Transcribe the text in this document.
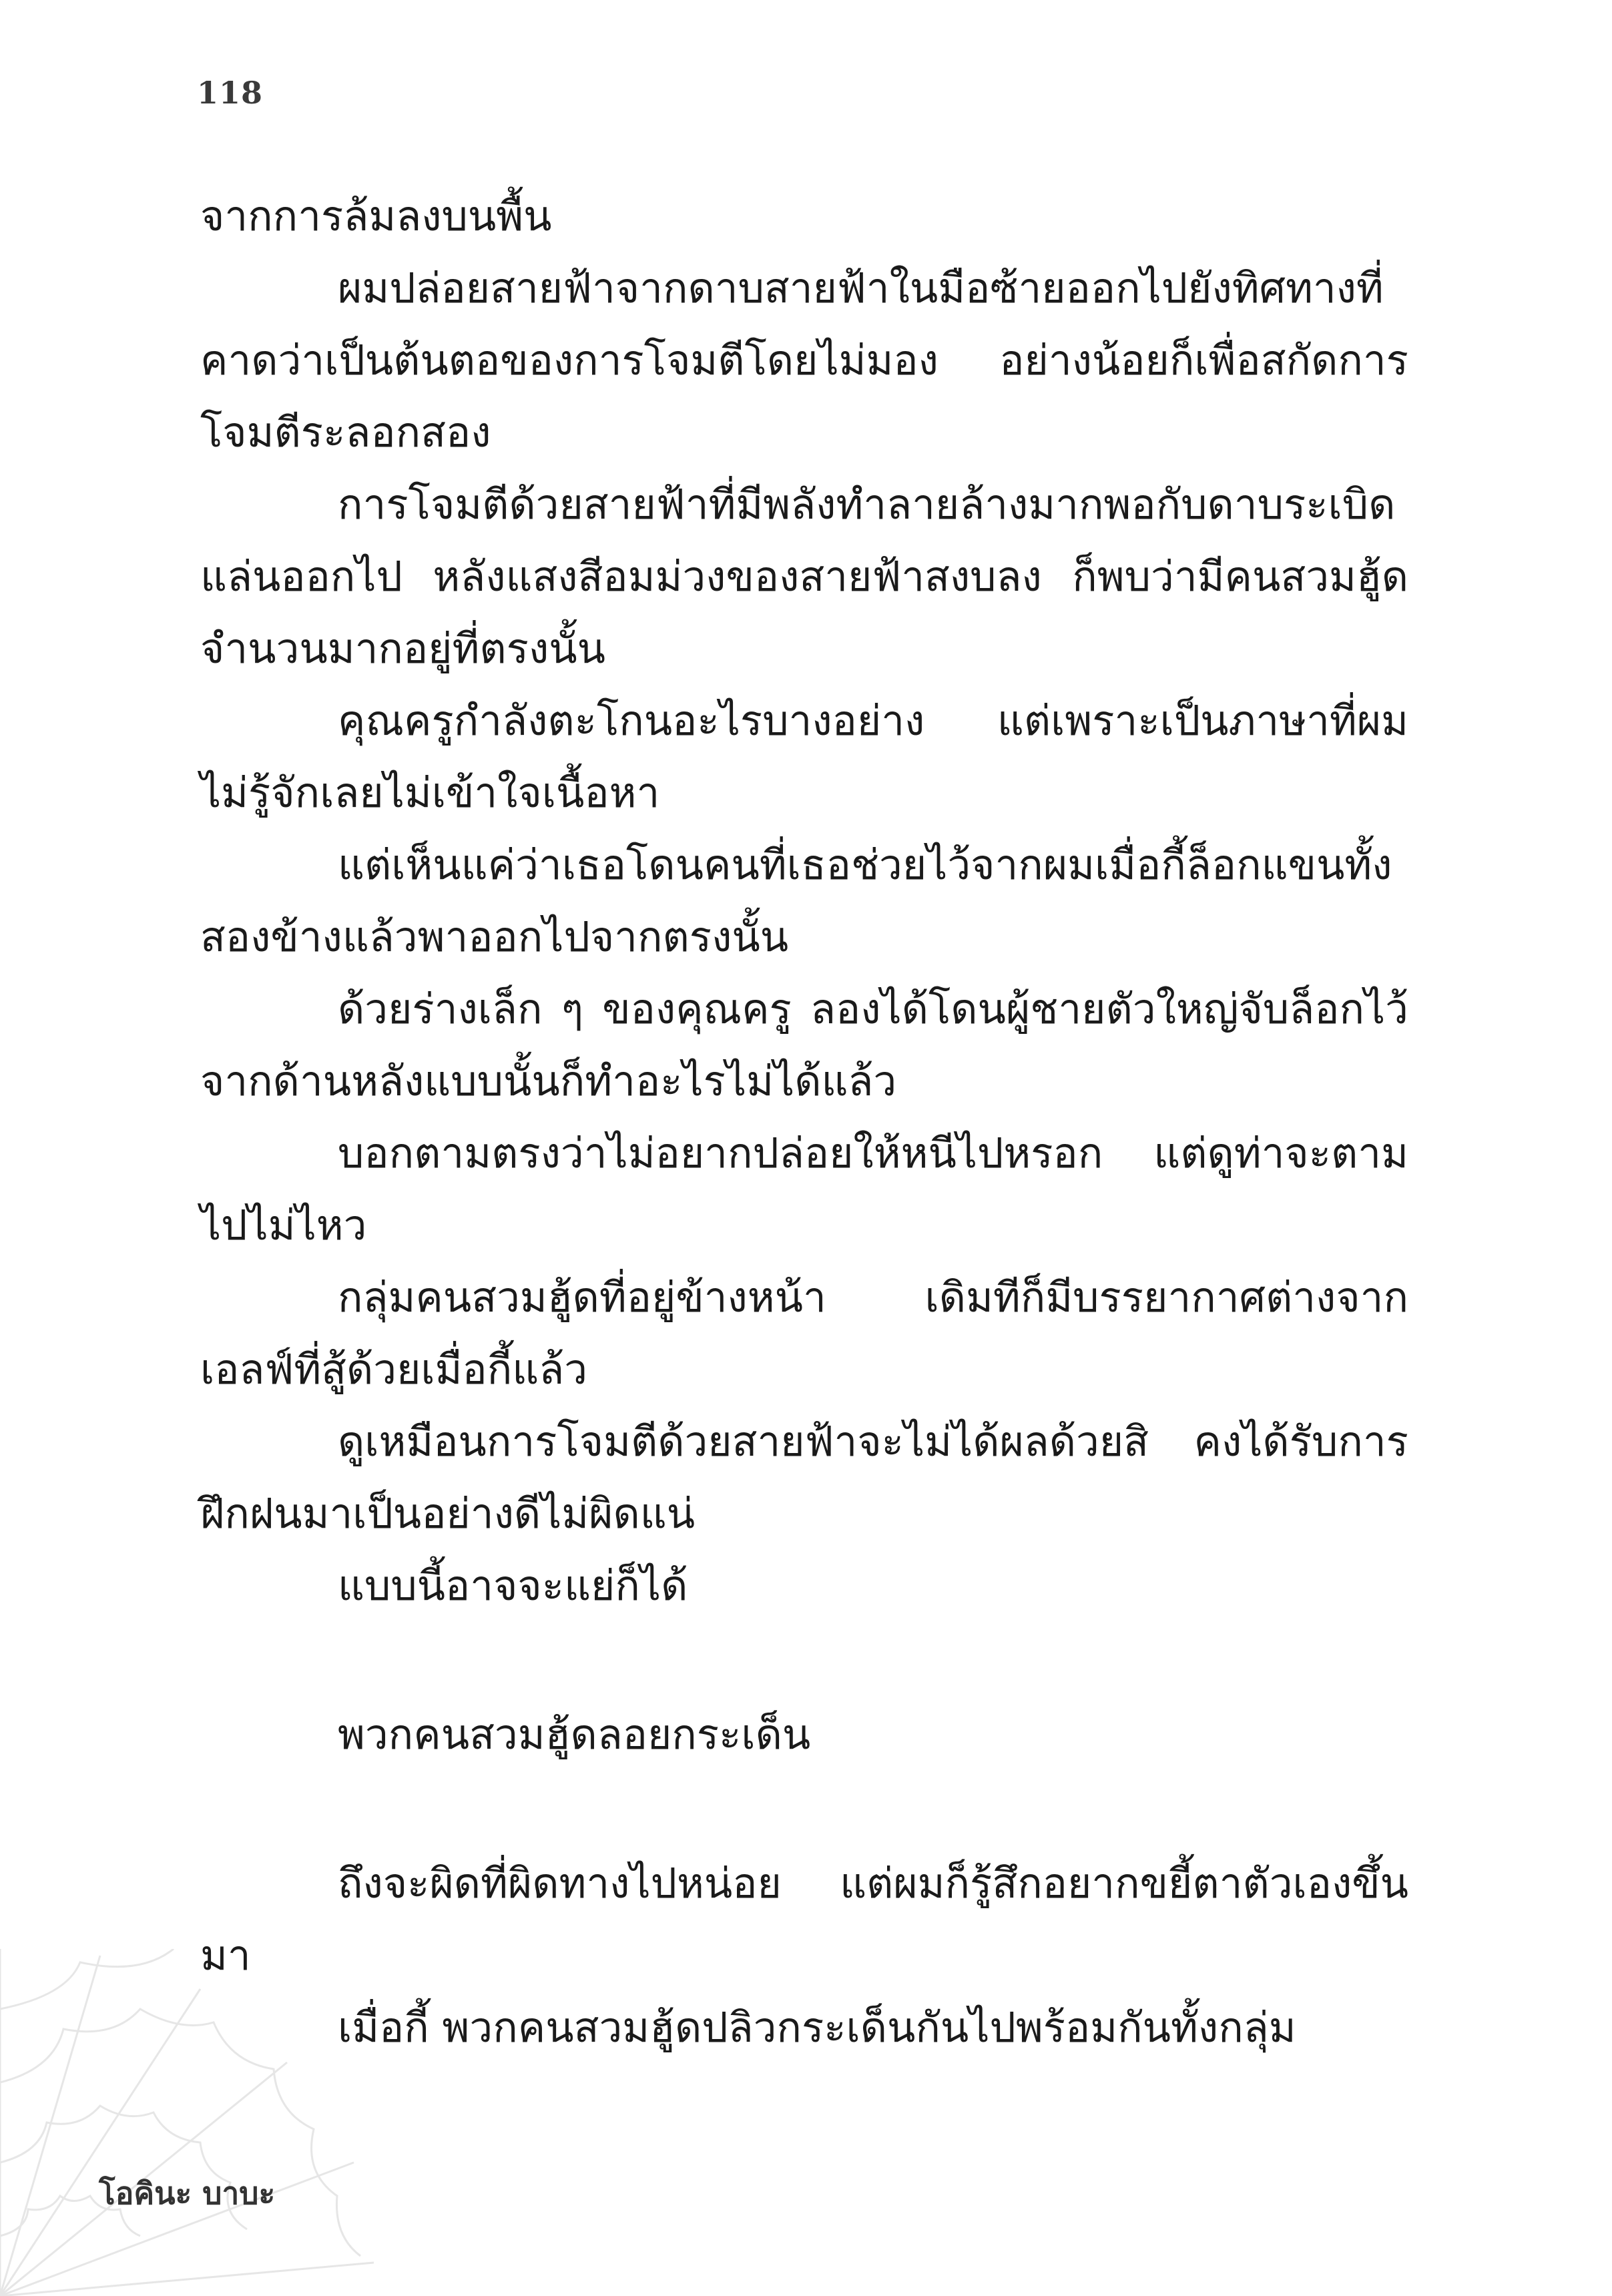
118

จากการล้มลงบนพื้น

ผมปล่อยสายฟ้าจากดาบสายฟ้าในมือซ้ายออกไปยังทิศทางที่คาดว่าเป็นต้นตอของการโจมตีโดยไม่มอง อย่างน้อยก็เพื่อสกัดการโจมตีระลอกสอง

การโจมตีด้วยสายฟ้าที่มีพลังทำลายล้างมากพอกับดาบระเบิดแล่นออกไป หลังแสงสีอมม่วงของสายฟ้าสงบลง ก็พบว่ามีคนสวมฮู้ดจำนวนมากอยู่ที่ตรงนั้น

คุณครูกำลังตะโกนอะไรบางอย่าง แต่เพราะเป็นภาษาที่ผมไม่รู้จักเลยไม่เข้าใจเนื้อหา

แต่เห็นแค่ว่าเธอโดนคนที่เธอช่วยไว้จากผมเมื่อกี้ล็อกแขนทั้งสองข้างแล้วพาออกไปจากตรงนั้น

ด้วยร่างเล็ก ๆ ของคุณครู ลองได้โดนผู้ชายตัวใหญ่จับล็อกไว้จากด้านหลังแบบนั้นก็ทำอะไรไม่ได้แล้ว

บอกตามตรงว่าไม่อยากปล่อยให้หนีไปหรอก แต่ดูท่าจะตามไปไม่ไหว

กลุ่มคนสวมฮู้ดที่อยู่ข้างหน้า เดิมทีก็มีบรรยากาศต่างจากเอลฟ์ที่สู้ด้วยเมื่อกี้แล้ว

ดูเหมือนการโจมตีด้วยสายฟ้าจะไม่ได้ผลด้วยสิ คงได้รับการฝึกฝนมาเป็นอย่างดีไม่ผิดแน่

แบบนี้อาจจะแย่ก็ได้

พวกคนสวมฮู้ดลอยกระเด็น

ถึงจะผิดที่ผิดทางไปหน่อย แต่ผมก็รู้สึกอยากขยี้ตาตัวเองขึ้นมา

เมื่อกี้ พวกคนสวมฮู้ดปลิวกระเด็นกันไปพร้อมกันทั้งกลุ่ม

โอคินะ บาบะ
